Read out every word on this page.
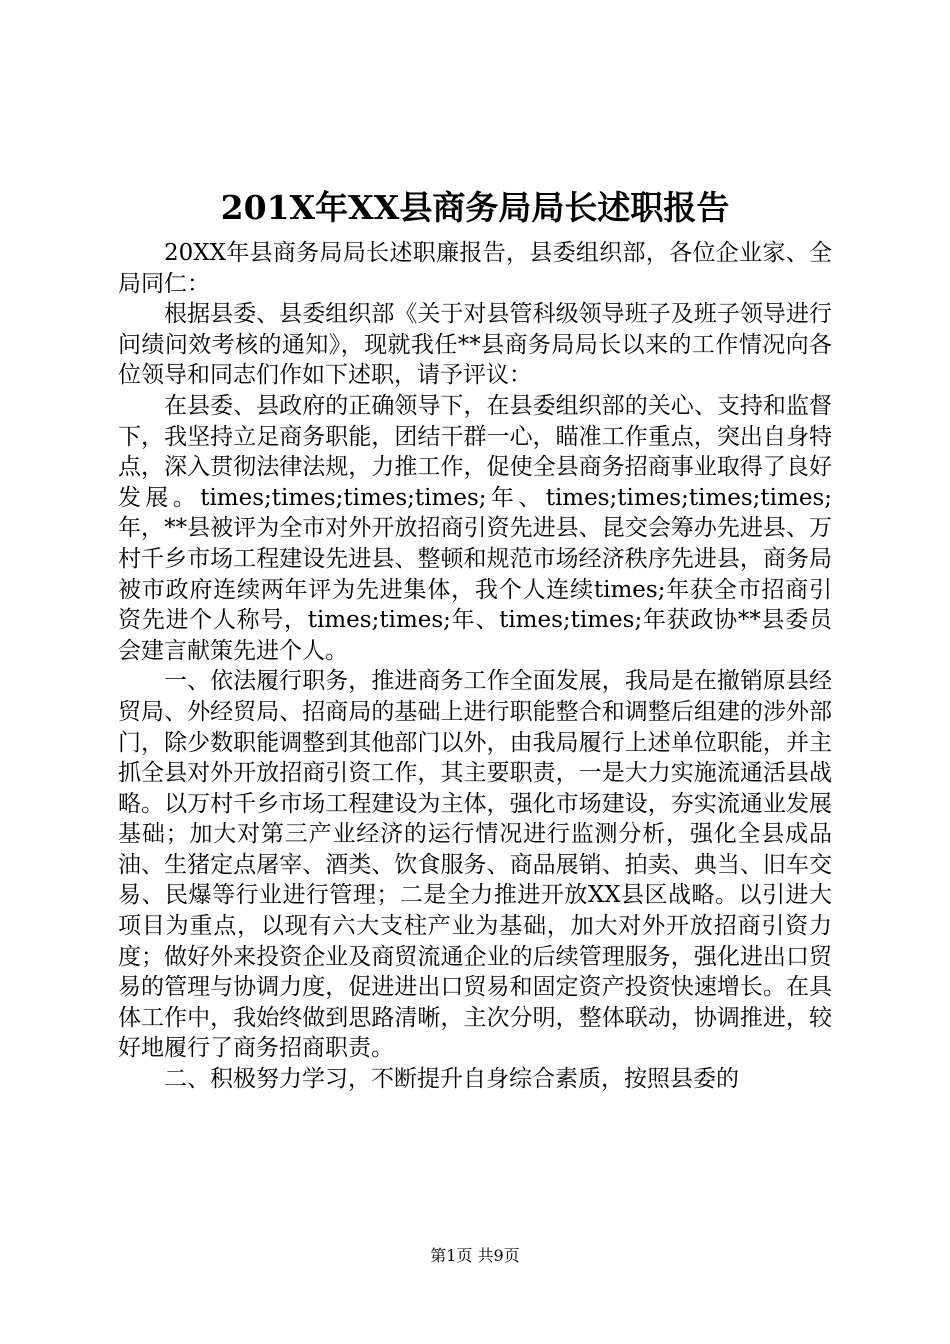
201X年XX县商务局局长述职报告

20XX年县商务局局长述职廉报告，县委组织部，各位企业家、全局同仁：

根据县委、县委组织部《关于对县管科级领导班子及班子领导进行问绩问效考核的通知》，现就我任**县商务局局长以来的工作情况向各位领导和同志们作如下述职，请予评议：

在县委、县政府的正确领导下，在县委组织部的关心、支持和监督下，我坚持立足商务职能，团结干群一心，瞄准工作重点，突出自身特点，深入贯彻法律法规，力推工作，促使全县商务招商事业取得了良好发展。times;times;times;times;年、times;times;times;times;年，**县被评为全市对外开放招商引资先进县、昆交会筹办先进县、万村千乡市场工程建设先进县、整顿和规范市场经济秩序先进县，商务局被市政府连续两年评为先进集体，我个人连续times;年获全市招商引资先进个人称号，times;times;年、times;times;年获政协**县委员会建言献策先进个人。

一、依法履行职务，推进商务工作全面发展，我局是在撤销原县经贸局、外经贸局、招商局的基础上进行职能整合和调整后组建的涉外部门，除少数职能调整到其他部门以外，由我局履行上述单位职能，并主抓全县对外开放招商引资工作，其主要职责，一是大力实施流通活县战略。以万村千乡市场工程建设为主体，强化市场建设，夯实流通业发展基础；加大对第三产业经济的运行情况进行监测分析，强化全县成品油、生猪定点屠宰、酒类、饮食服务、商品展销、拍卖、典当、旧车交易、民爆等行业进行管理；二是全力推进开放XX县区战略。以引进大项目为重点，以现有六大支柱产业为基础，加大对外开放招商引资力度；做好外来投资企业及商贸流通企业的后续管理服务，强化进出口贸易的管理与协调力度，促进进出口贸易和固定资产投资快速增长。在具体工作中，我始终做到思路清晰，主次分明，整体联动，协调推进，较好地履行了商务招商职责。

二、积极努力学习，不断提升自身综合素质，按照县委的

第1页 共9页
